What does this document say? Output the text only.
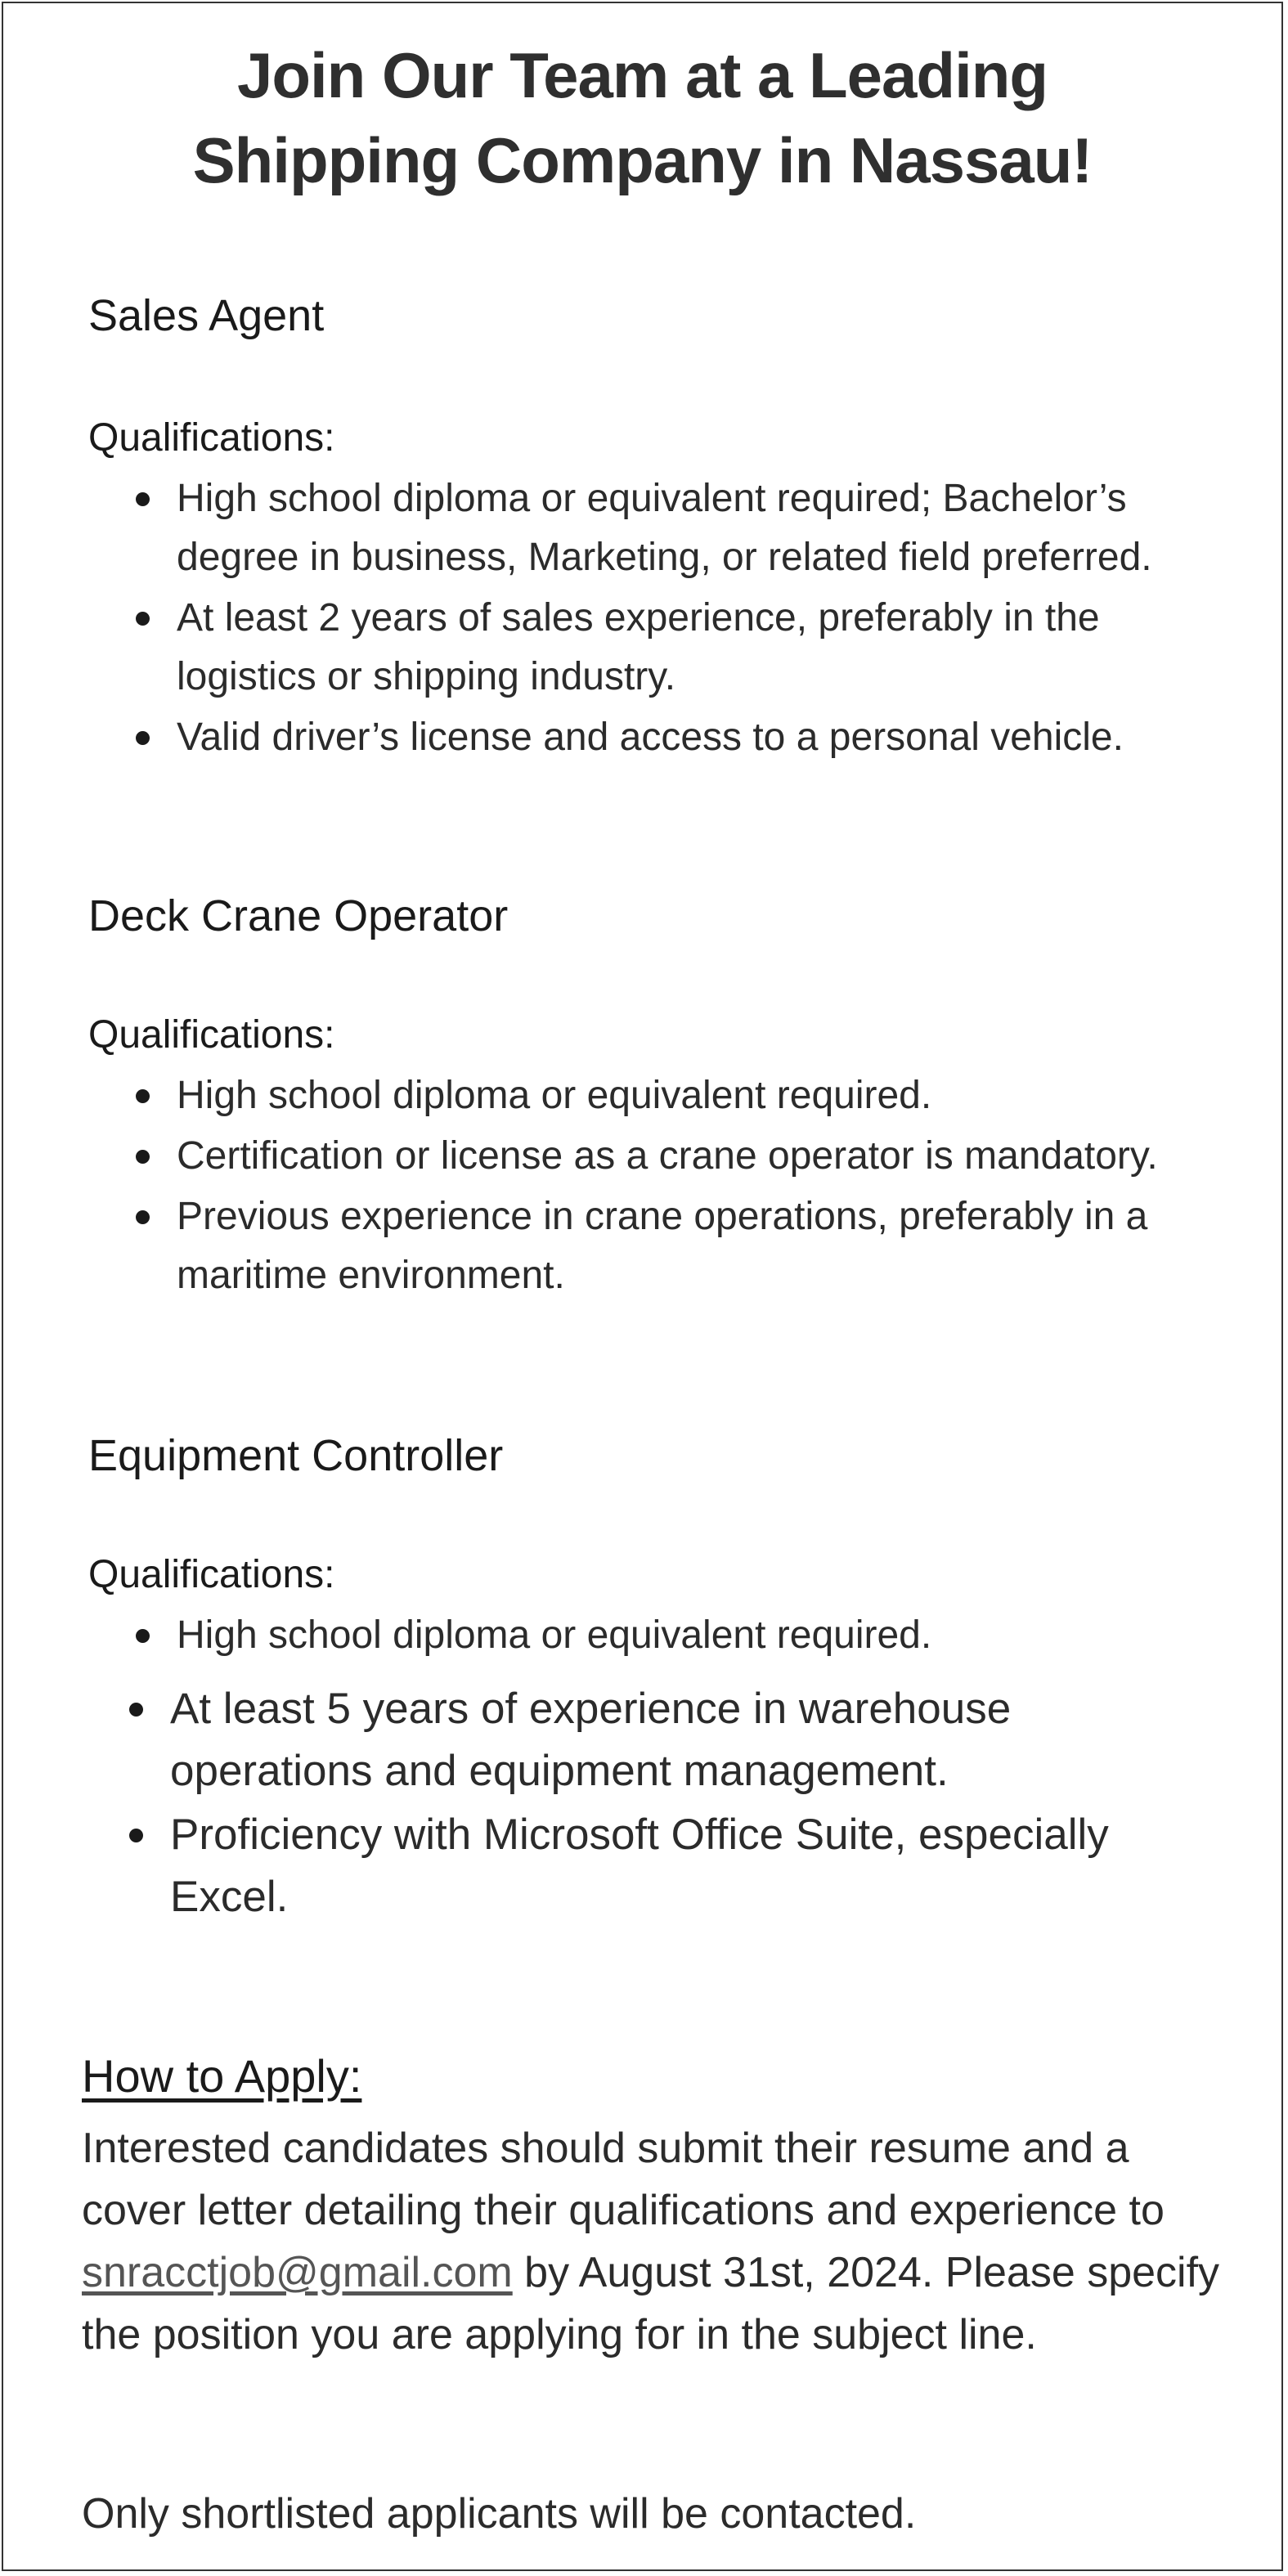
Join Our Team at a Leading
Shipping Company in Nassau!
Sales Agent

Qualifications:

High school diploma or equivalent required; Bachelor’s degree in business, Marketing, or related field preferred.
At least 2 years of sales experience, preferably in the logistics or shipping industry.
Valid driver’s license and access to a personal vehicle.
Deck Crane Operator

Qualifications:

High school diploma or equivalent required.
Certification or license as a crane operator is mandatory.
Previous experience in crane operations, preferably in a maritime environment.
Equipment Controller

Qualifications:

High school diploma or equivalent required.
At least 5 years of experience in warehouse operations and equipment management.
Proficiency with Microsoft Office Suite, especially Excel.
How to Apply:

Interested candidates should submit their resume and a cover letter detailing their qualifications and experience to snracctjob@gmail.com by August 31st, 2024. Please specify the position you are applying for in the subject line.

Only shortlisted applicants will be contacted.
